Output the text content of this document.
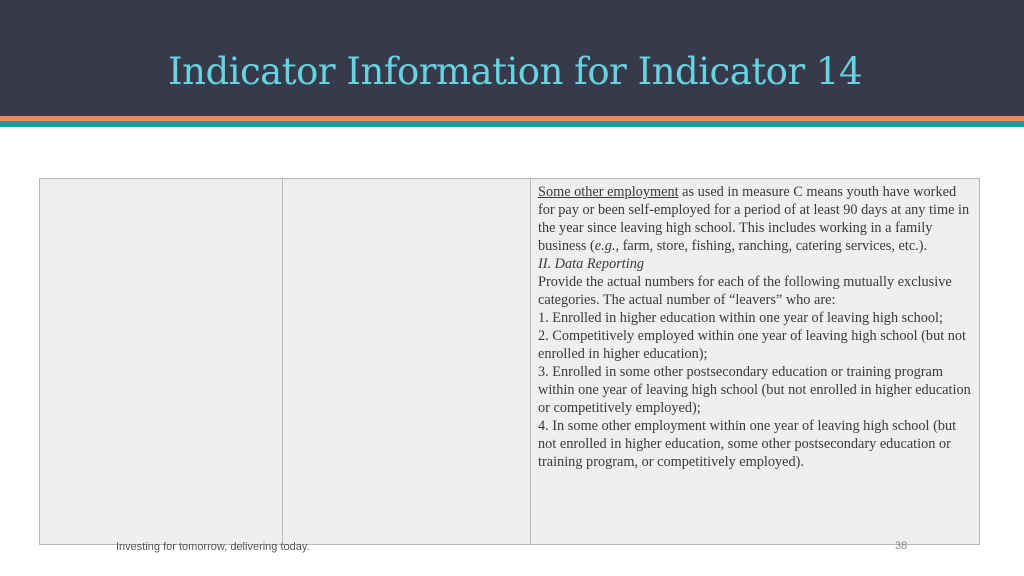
Indicator Information for Indicator 14

Some other employment as used in measure C means youth have worked for pay or been self-employed for a period of at least 90 days at any time in the year since leaving high school. This includes working in a family business (e.g., farm, store, fishing, ranching, catering services, etc.).

II. Data Reporting

Provide the actual numbers for each of the following mutually exclusive categories. The actual number of “leavers” who are:

1. Enrolled in higher education within one year of leaving high school;

2. Competitively employed within one year of leaving high school (but not enrolled in higher education);

3. Enrolled in some other postsecondary education or training program within one year of leaving high school (but not enrolled in higher education or competitively employed);

4. In some other employment within one year of leaving high school (but not enrolled in higher education, some other postsecondary education or training program, or competitively employed).

Investing for tomorrow, delivering today.	38
